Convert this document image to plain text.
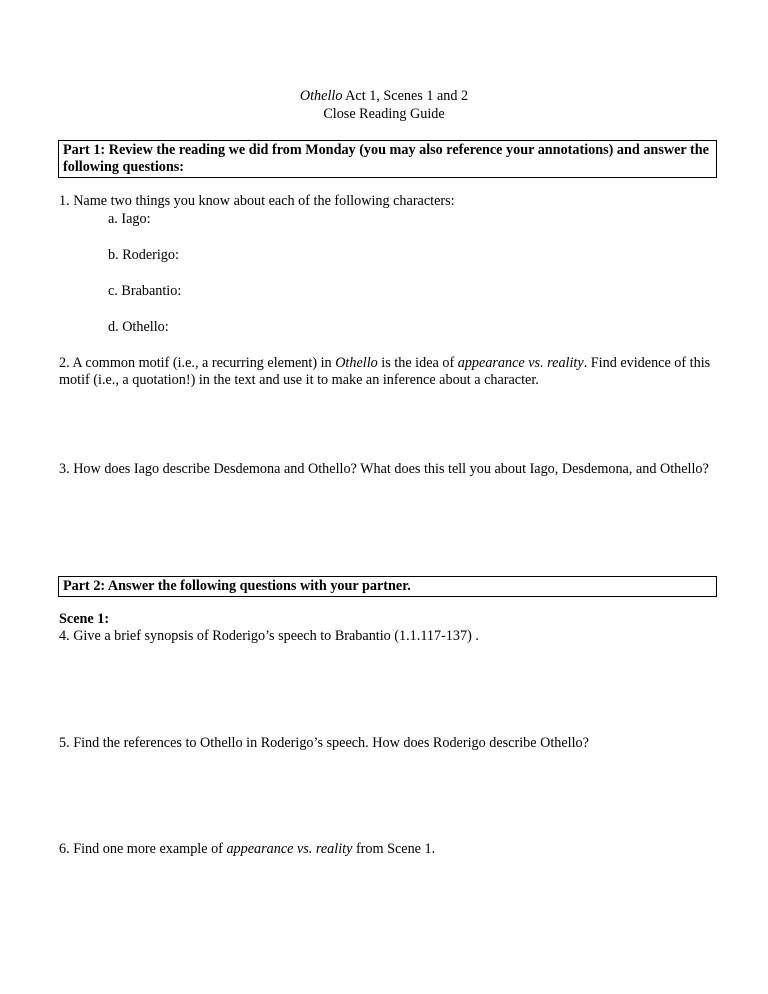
Othello Act 1, Scenes 1 and 2
Close Reading Guide
Part 1: Review the reading we did from Monday (you may also reference your annotations) and answer the following questions:
1. Name two things you know about each of the following characters:
a. Iago:
b. Roderigo:
c. Brabantio:
d. Othello:
2. A common motif (i.e., a recurring element) in Othello is the idea of appearance vs. reality. Find evidence of this motif (i.e., a quotation!) in the text and use it to make an inference about a character.
3. How does Iago describe Desdemona and Othello? What does this tell you about Iago, Desdemona, and Othello?
Part 2: Answer the following questions with your partner.
Scene 1:
4. Give a brief synopsis of Roderigo’s speech to Brabantio (1.1.117-137) .
5. Find the references to Othello in Roderigo’s speech. How does Roderigo describe Othello?
6. Find one more example of appearance vs. reality from Scene 1.
